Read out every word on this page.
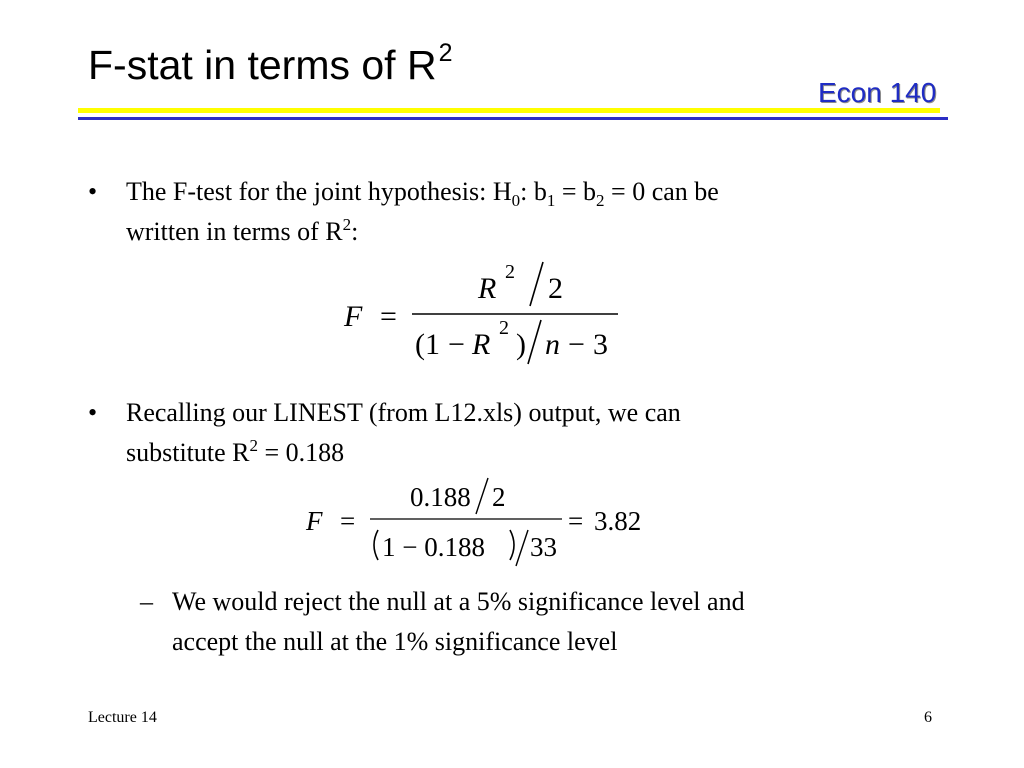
F-stat in terms of $R^2$
Econ 140
• The F-test for the joint hypothesis: $H_0$: $b_1 = b_2 = 0$ can be
written in terms of $R^2$:
F =
R 2 2
(1 − R 2 ) n − 3
• Recalling our LINEST (from L12.xls) output, we can
substitute $R^2 = 0.188$
F =
0.188 2
1 − 0.188 33
= 3.82
– We would reject the null at a 5% significance level and
accept the null at the 1% significance level
Lecture 14	6
